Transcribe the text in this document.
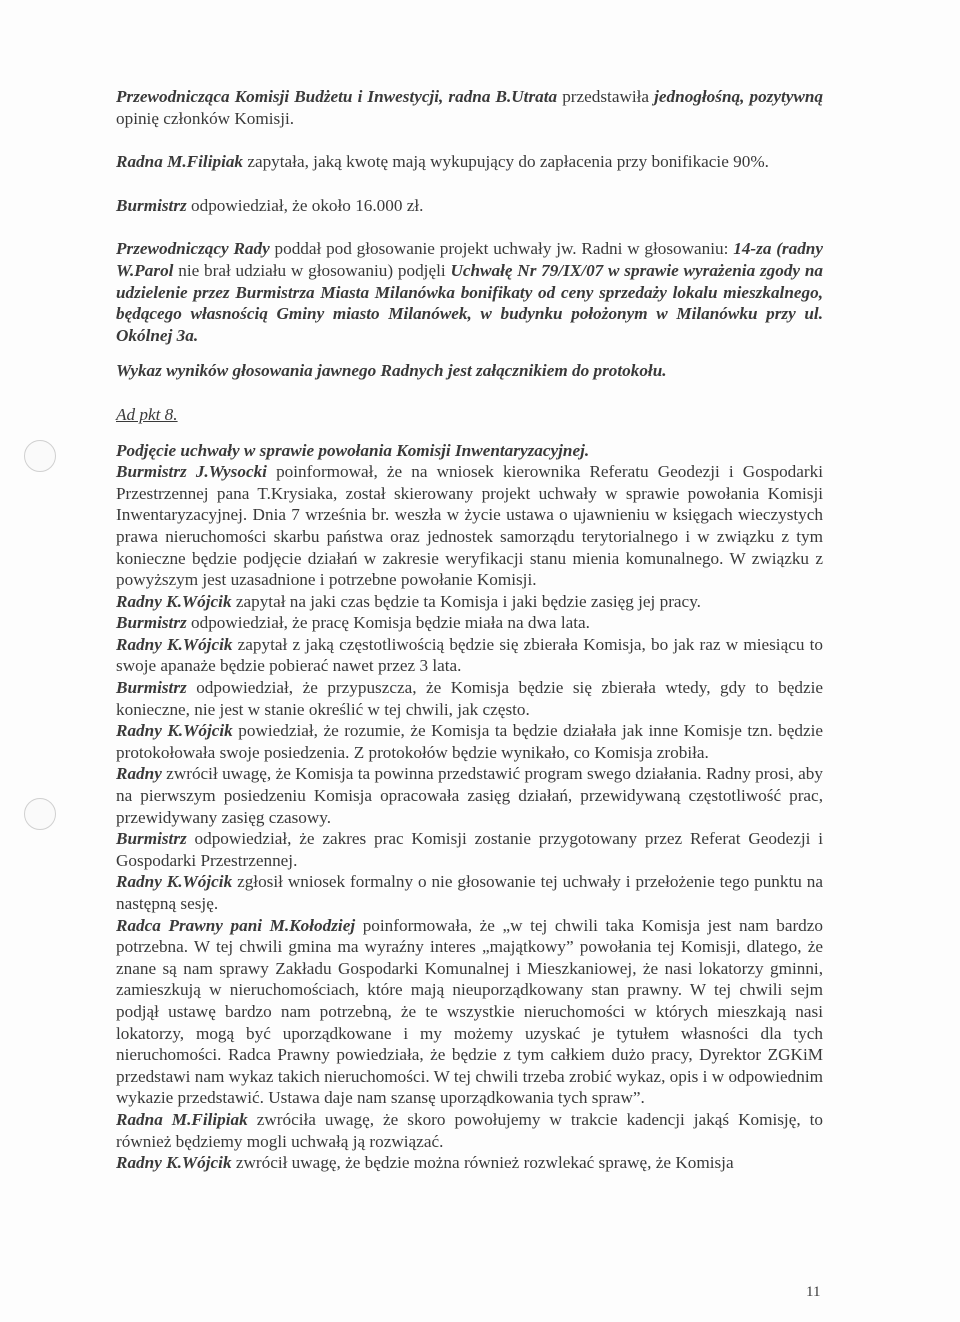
Przewodnicząca Komisji Budżetu i Inwestycji, radna B.Utrata przedstawiła jednogłośną, pozytywną opinię członków Komisji.

Radna M.Filipiak zapytała, jaką kwotę mają wykupujący do zapłacenia przy bonifikacie 90%.

Burmistrz odpowiedział, że około 16.000 zł.

Przewodniczący Rady poddał pod głosowanie projekt uchwały jw. Radni w głosowaniu: 14-za (radny W.Parol nie brał udziału w głosowaniu) podjęli Uchwałę Nr 79/IX/07 w sprawie wyrażenia zgody na udzielenie przez Burmistrza Miasta Milanówka bonifikaty od ceny sprzedaży lokalu mieszkalnego, będącego własnością Gminy miasto Milanówek, w budynku położonym w Milanówku przy ul. Okólnej 3a.

Wykaz wyników głosowania jawnego Radnych jest załącznikiem do protokołu.

Ad pkt 8.

Podjęcie uchwały w sprawie powołania Komisji Inwentaryzacyjnej.

Burmistrz J.Wysocki poinformował, że na wniosek kierownika Referatu Geodezji i Gospodarki Przestrzennej pana T.Krysiaka, został skierowany projekt uchwały w sprawie powołania Komisji Inwentaryzacyjnej. Dnia 7 września br. weszła w życie ustawa o ujawnieniu w księgach wieczystych prawa nieruchomości skarbu państwa oraz jednostek samorządu terytorialnego i w związku z tym konieczne będzie podjęcie działań w zakresie weryfikacji stanu mienia komunalnego. W związku z powyższym jest uzasadnione i potrzebne powołanie Komisji.

Radny K.Wójcik zapytał na jaki czas będzie ta Komisja i jaki będzie zasięg jej pracy.

Burmistrz odpowiedział, że pracę Komisja będzie miała na dwa lata.

Radny K.Wójcik zapytał z jaką częstotliwością będzie się zbierała Komisja, bo jak raz w miesiącu to swoje apanaże będzie pobierać nawet przez 3 lata.

Burmistrz odpowiedział, że przypuszcza, że Komisja będzie się zbierała wtedy, gdy to będzie konieczne, nie jest w stanie określić w tej chwili, jak często.

Radny K.Wójcik powiedział, że rozumie, że Komisja ta będzie działała jak inne Komisje tzn. będzie protokołowała swoje posiedzenia. Z protokołów będzie wynikało, co Komisja zrobiła.

Radny zwrócił uwagę, że Komisja ta powinna przedstawić program swego działania. Radny prosi, aby na pierwszym posiedzeniu Komisja opracowała zasięg działań, przewidywaną częstotliwość prac, przewidywany zasięg czasowy.

Burmistrz odpowiedział, że zakres prac Komisji zostanie przygotowany przez Referat Geodezji i Gospodarki Przestrzennej.

Radny K.Wójcik zgłosił wniosek formalny o nie głosowanie tej uchwały i przełożenie tego punktu na następną sesję.

Radca Prawny pani M.Kołodziej poinformowała, że „w tej chwili taka Komisja jest nam bardzo potrzebna. W tej chwili gmina ma wyraźny interes „majątkowy” powołania tej Komisji, dlatego, że znane są nam sprawy Zakładu Gospodarki Komunalnej i Mieszkaniowej, że nasi lokatorzy gminni, zamieszkują w nieruchomościach, które mają nieuporządkowany stan prawny. W tej chwili sejm podjął ustawę bardzo nam potrzebną, że te wszystkie nieruchomości w których mieszkają nasi lokatorzy, mogą być uporządkowane i my możemy uzyskać je tytułem własności dla tych nieruchomości. Radca Prawny powiedziała, że będzie z tym całkiem dużo pracy, Dyrektor ZGKiM przedstawi nam wykaz takich nieruchomości. W tej chwili trzeba zrobić wykaz, opis i w odpowiednim wykazie przedstawić. Ustawa daje nam szansę uporządkowania tych spraw”.

Radna M.Filipiak zwróciła uwagę, że skoro powołujemy w trakcie kadencji jakąś Komisję, to również będziemy mogli uchwałą ją rozwiązać.

Radny K.Wójcik zwrócił uwagę, że będzie można również rozwlekać sprawę, że Komisja

11
